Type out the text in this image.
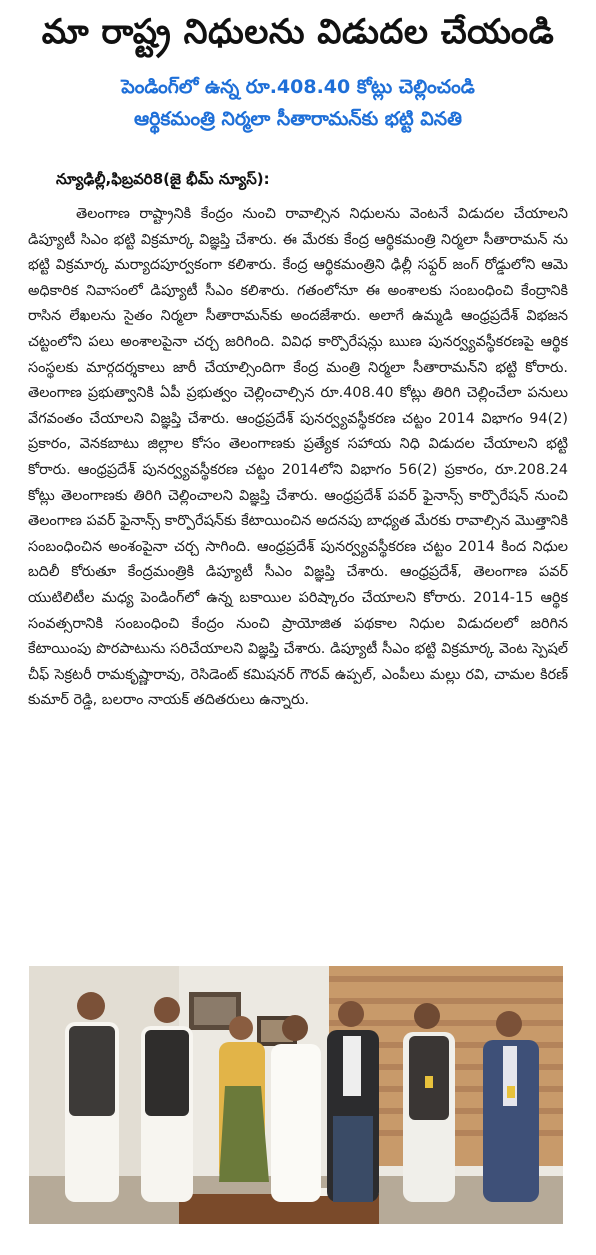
మా రాష్ట్ర నిధులను విడుదల చేయండి
పెండింగ్‌లో ఉన్న రూ.408.40 కోట్లు చెల్లించండి
ఆర్థికమంత్రి నిర్మలా సీతారామన్‌కు భట్టి వినతి
న్యూఢిల్లీ,ఫిబ్రవరి8(జై భీమ్ న్యూస్):
తెలంగాణ రాష్ట్రానికి కేంద్రం నుంచి రావాల్సిన నిధులను వెంటనే విడుదల చేయాలని డిప్యూటీ సిఎం భట్టి విక్రమార్క విజ్ఞప్తి చేశారు. ఈ మేరకు కేంద్ర ఆర్థికమంత్రి నిర్మలా సీతారామన్ ను భట్టి విక్రమార్క మర్యాదపూర్వకంగా కలిశారు. కేంద్ర ఆర్థికమంత్రిని ఢిల్లీ సఫ్దర్ జంగ్ రోడ్డులోని ఆమె అధికారిక నివాసంలో డిప్యూటీ సీఎం కలిశారు. గతంలోనూ ఈ అంశాలకు సంబంధించి కేంద్రానికి రాసిన లేఖలను సైతం నిర్మలా సీతారామన్‌కు అందజేశారు. అలాగే ఉమ్మడి ఆంధ్రప్రదేశ్ విభజన చట్టంలోని పలు అంశాలపైనా చర్చ జరిగింది. వివిధ కార్పొరేషన్లు ఋణ పునర్వ్యవస్థీకరణపై ఆర్థిక సంస్థలకు మార్గదర్శకాలు జారీ చేయాల్సిందిగా కేంద్ర మంత్రి నిర్మలా సీతారామన్‌ని భట్టి కోరారు. తెలంగాణ ప్రభుత్వానికి ఏపీ ప్రభుత్వం చెల్లించాల్సిన రూ.408.40 కోట్లు తిరిగి చెల్లించేలా పనులు వేగవంతం చేయాలని విజ్ఞప్తి చేశారు. ఆంధ్రప్రదేశ్ పునర్వ్యవస్థీకరణ చట్టం 2014 విభాగం 94(2) ప్రకారం, వెనకబాటు జిల్లాల కోసం తెలంగాణకు ప్రత్యేక సహాయ నిధి విడుదల చేయాలని భట్టి కోరారు. ఆంధ్రప్రదేశ్ పునర్వ్యవస్థీకరణ చట్టం 2014లోని విభాగం 56(2) ప్రకారం, రూ.208.24 కోట్లు తెలంగాణకు తిరిగి చెల్లించాలని విజ్ఞప్తి చేశారు. ఆంధ్రప్రదేశ్ పవర్ ఫైనాన్స్ కార్పొరేషన్ నుంచి తెలంగాణ పవర్ ఫైనాన్స్ కార్పొరేషన్‌కు కేటాయించిన అదనపు బాధ్యత మేరకు రావాల్సిన మొత్తానికి సంబంధించిన అంశంపైనా చర్చ సాగింది. ఆంధ్రప్రదేశ్ పునర్వ్యవస్థీకరణ చట్టం 2014 కింద నిధుల బదిలీ కోరుతూ కేంద్రమంత్రికి డిప్యూటీ సీఎం విజ్ఞప్తి చేశారు. ఆంధ్రప్రదేశ్, తెలంగాణ పవర్ యుటిలిటీల మధ్య పెండింగ్‌లో ఉన్న బకాయిల పరిష్కారం చేయాలని కోరారు. 2014-15 ఆర్థిక సంవత్సరానికి సంబంధించి కేంద్రం నుంచి ప్రాయోజిత పథకాల నిధుల విడుదలలో జరిగిన కేటాయింపు పొరపాటును సరిచేయాలని విజ్ఞప్తి చేశారు. డిప్యూటీ సీఎం భట్టి విక్రమార్క వెంట స్పెషల్ చీఫ్ సెక్రటరీ రామకృష్ణారావు, రెసిడెంట్ కమిషనర్ గౌరవ్ ఉప్పల్, ఎంపీలు మల్లు రవి, చామల కిరణ్ కుమార్ రెడ్డి, బలరాం నాయక్ తదితరులు ఉన్నారు.
